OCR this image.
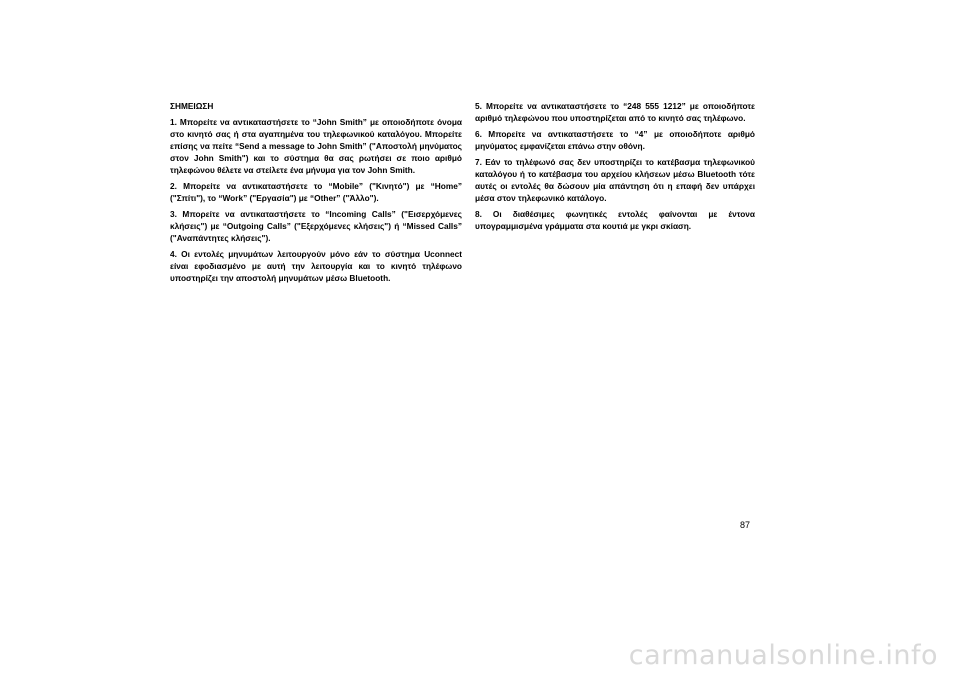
ΣΗΜΕΙΩΣΗ

1. Μπορείτε να αντικαταστήσετε το “John Smith” με οποιοδήποτε όνομα στο κινητό σας ή στα αγαπημένα του τηλεφωνικού καταλόγου. Μπορείτε επίσης να πείτε “Send a message to John Smith” ("Αποστολή μηνύματος στον John Smith") και το σύστημα θα σας ρωτήσει σε ποιο αριθμό τηλεφώνου θέλετε να στείλετε ένα μήνυμα για τον John Smith.

2. Μπορείτε να αντικαταστήσετε το “Mobile” ("Κινητό") με “Home” ("Σπίτι"), το “Work” ("Εργασία") με “Other” ("Άλλο").

3. Μπορείτε να αντικαταστήσετε το “Incoming Calls” ("Εισερχόμενες κλήσεις") με “Outgoing Calls” ("Εξερχόμενες κλήσεις") ή “Missed Calls” ("Αναπάντητες κλήσεις").

4. Οι εντολές μηνυμάτων λειτουργούν μόνο εάν το σύστημα Uconnect είναι εφοδιασμένο με αυτή την λειτουργία και το κινητό τηλέφωνο υποστηρίζει την αποστολή μηνυμάτων μέσω Bluetooth.

5. Μπορείτε να αντικαταστήσετε το “248 555 1212” με οποιοδήποτε αριθμό τηλεφώνου που υποστηρίζεται από το κινητό σας τηλέφωνο.

6. Μπορείτε να αντικαταστήσετε το “4” με οποιοδήποτε αριθμό μηνύματος εμφανίζεται επάνω στην οθόνη.

7. Εάν το τηλέφωνό σας δεν υποστηρίζει το κατέβασμα τηλεφωνικού καταλόγου ή το κατέβασμα του αρχείου κλήσεων μέσω Bluetooth τότε αυτές οι εντολές θα δώσουν μία απάντηση ότι η επαφή δεν υπάρχει μέσα στον τηλεφωνικό κατάλογο.

8. Οι διαθέσιμες φωνητικές εντολές φαίνονται με έντονα υπογραμμισμένα γράμματα στα κουτιά με γκρι σκίαση.

87
carmanualsonline.info
